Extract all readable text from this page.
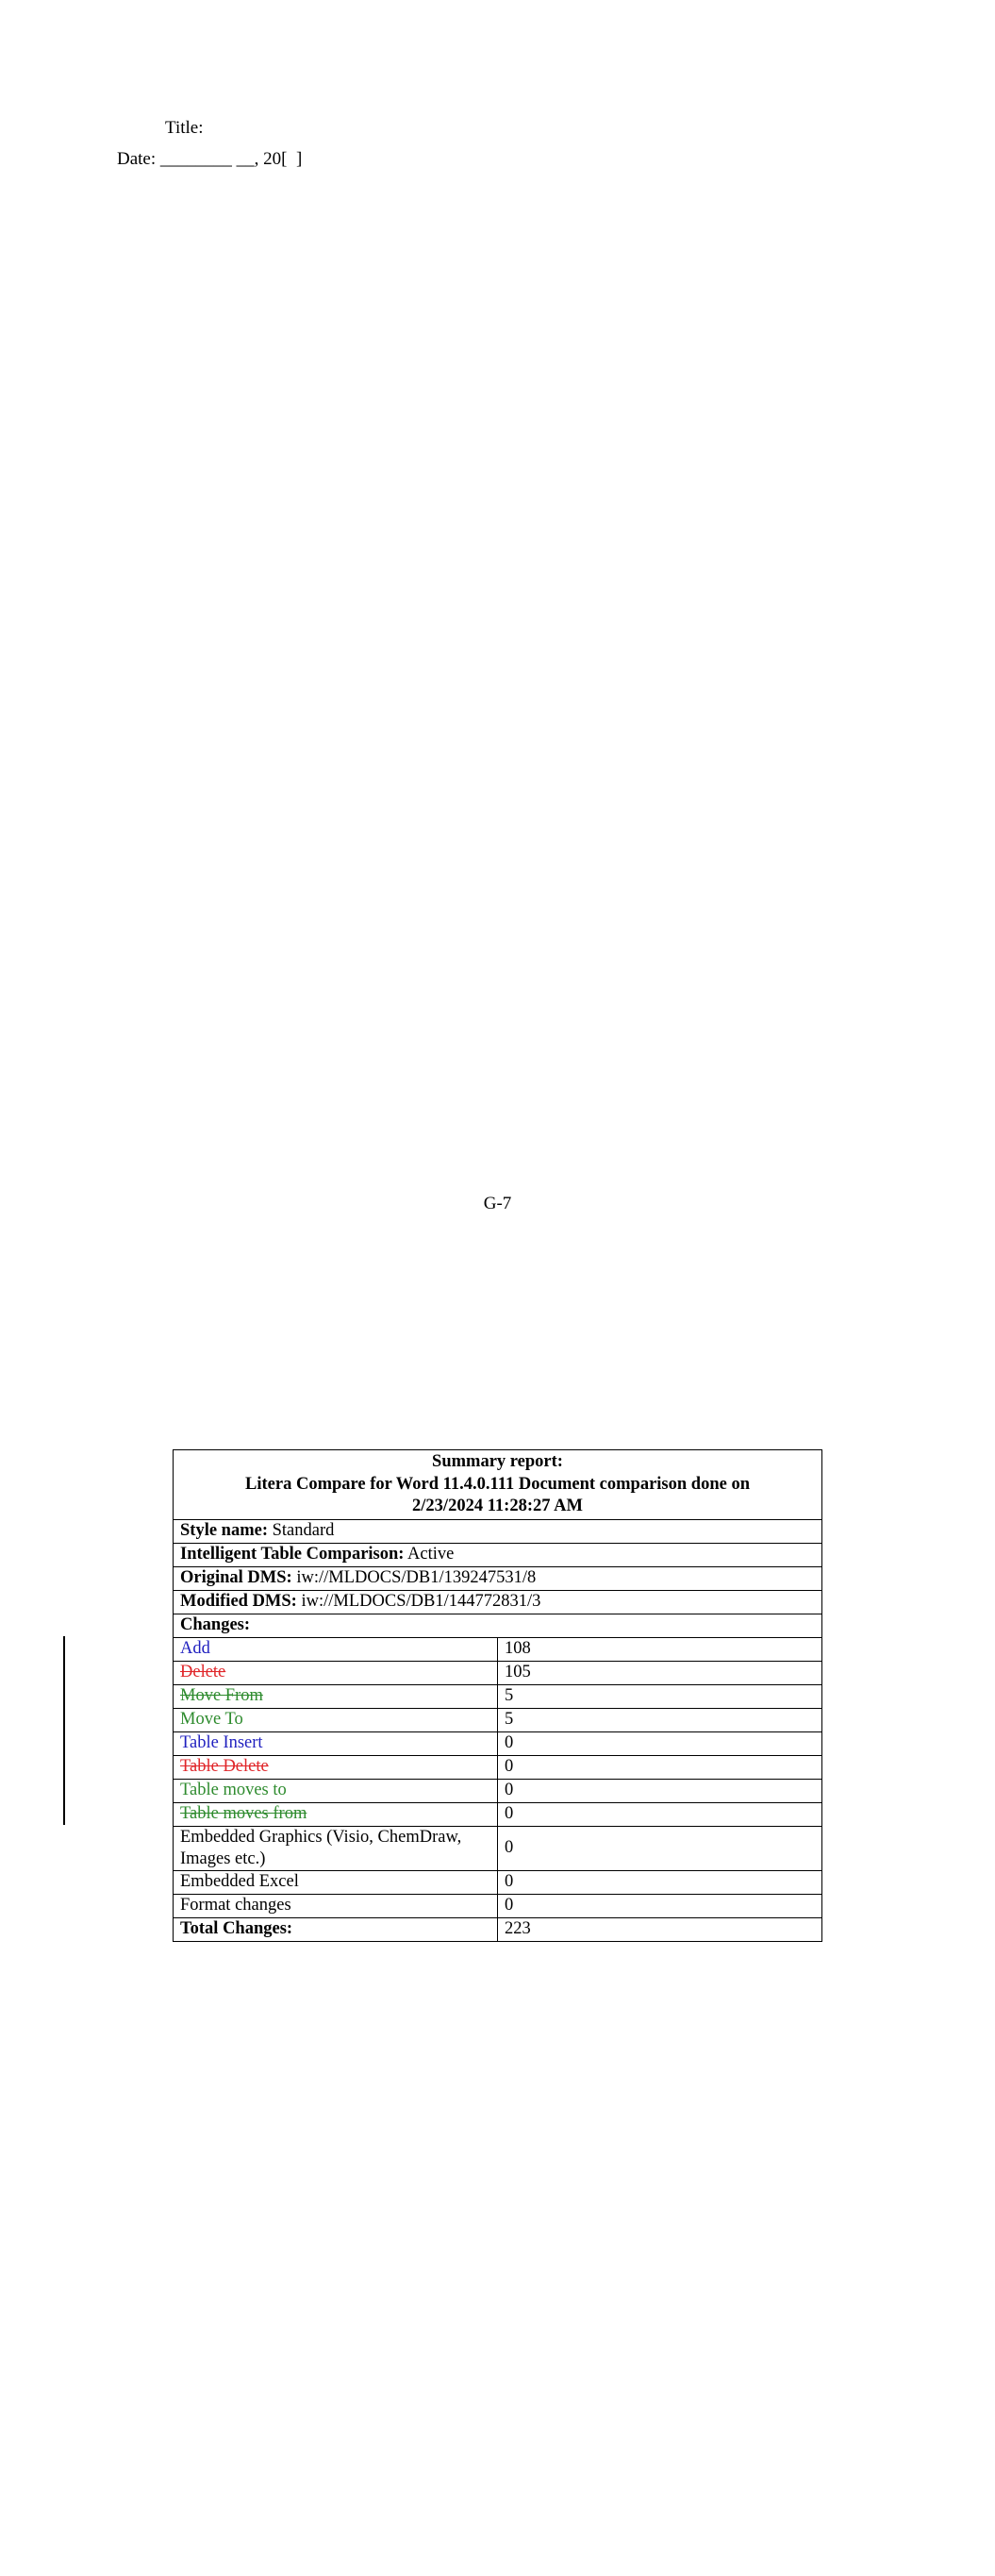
Title:
Date: ________ __, 20[  ]
G-7
Summary report:
Litera Compare for Word 11.4.0.111 Document comparison done on
2/23/2024 11:28:27 AM	

Style name: Standard	
Intelligent Table Comparison: Active	
Original DMS: iw://MLDOCS/DB1/139247531/8	
Modified DMS: iw://MLDOCS/DB1/144772831/3	
Changes:	
Add	108
Delete	105
Move From	5
Move To	5
Table Insert	0
Table Delete	0
Table moves to	0
Table moves from	0
Embedded Graphics (Visio, ChemDraw, Images etc.)	0
Embedded Excel	0
Format changes	0
Total Changes:	223
